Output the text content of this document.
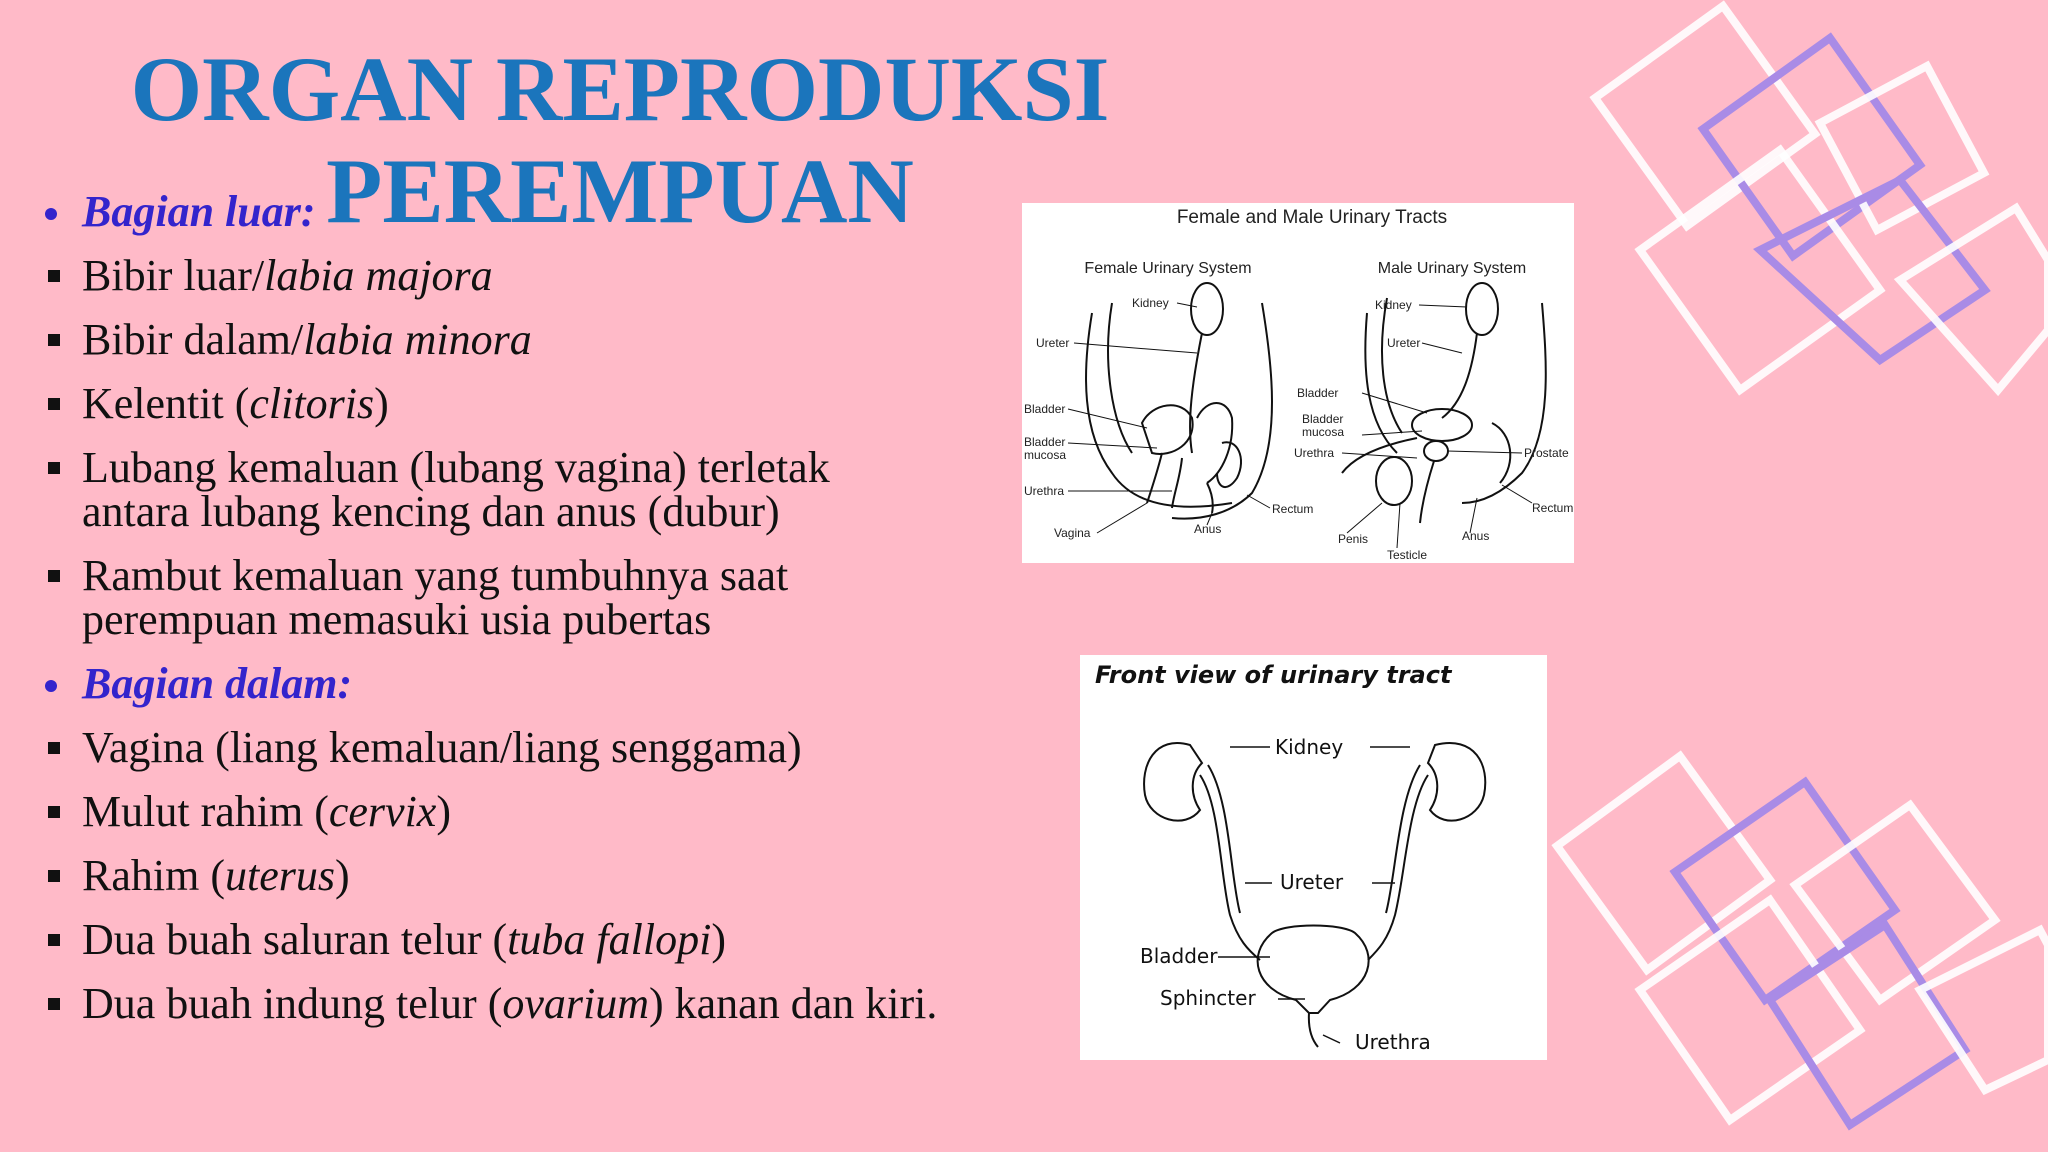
ORGAN REPRODUKSI
PEREMPUAN
Bagian luar:
Bibir luar/labia majora
Bibir dalam/labia minora
Kelentit (clitoris)
Lubang kemaluan (lubang vagina) terletak antara lubang kencing dan anus (dubur)
Rambut kemaluan yang tumbuhnya saat perempuan memasuki usia pubertas
Bagian dalam:
Vagina (liang kemaluan/liang senggama)
Mulut rahim (cervix)
Rahim (uterus)
Dua buah saluran telur (tuba fallopi)
Dua buah indung telur (ovarium) kanan dan kiri.
Female and Male Urinary Tracts
Female Urinary System	Male Urinary System
Kidney
Ureter
Bladder
Bladder
mucosa
Urethra
Vagina	Anus
Rectum
Kidney
Ureter
Bladder
Bladder
mucosa
Urethra	Prostate
Rectum
Penis
Testicle
Anus
Front view of urinary tract
Kidney
Ureter
Bladder
Sphincter
Urethra
